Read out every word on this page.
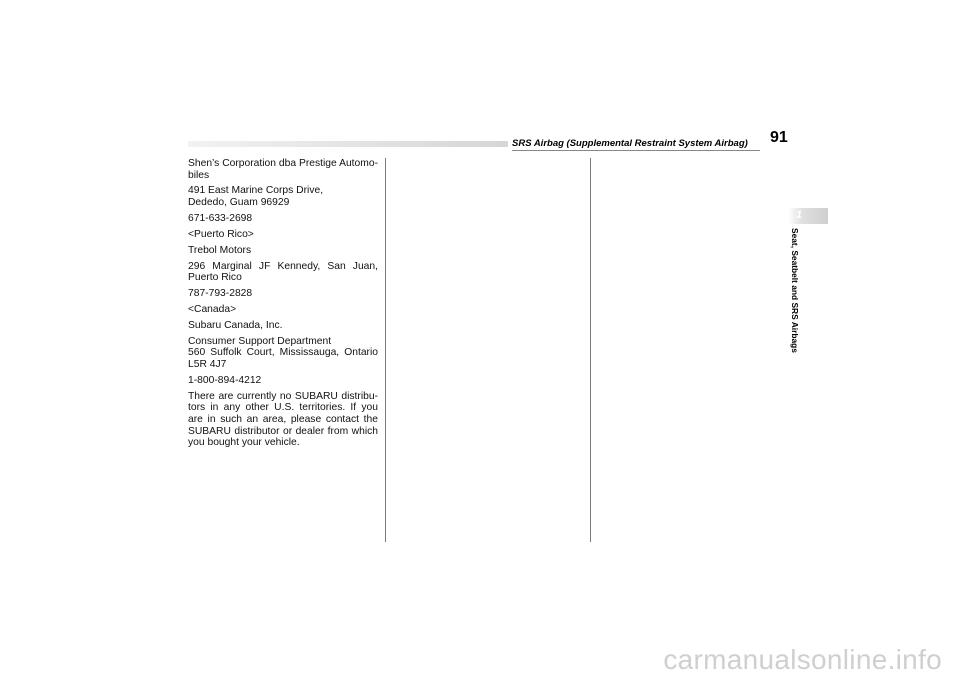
SRS Airbag (Supplemental Restraint System Airbag) 91

Shen’s Corporation dba Prestige Automo-biles

491 East Marine Corps Drive,
Dededo, Guam 96929

671-633-2698

<Puerto Rico>

Trebol Motors

296 Marginal JF Kennedy, San Juan, Puerto Rico

787-793-2828

<Canada>

Subaru Canada, Inc.

Consumer Support Department
560 Suffolk Court, Mississauga, Ontario L5R 4J7

1-800-894-4212

There are currently no SUBARU distribu-tors in any other U.S. territories. If you are in such an area, please contact the SUBARU distributor or dealer from which you bought your vehicle.

1
Seat, Seatbelt and SRS Airbags
carmanualsonline.info
